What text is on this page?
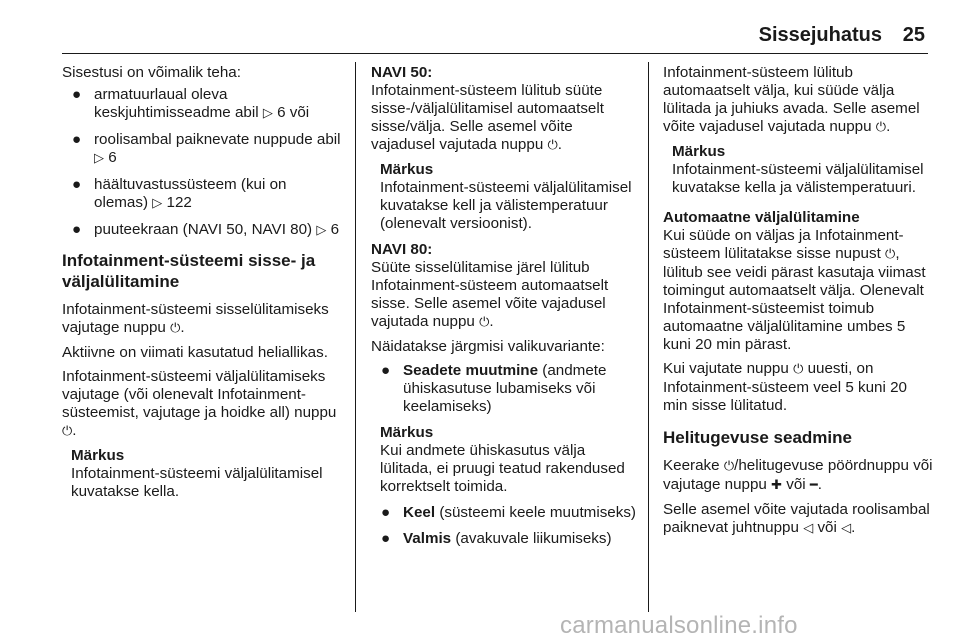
Sissejuhatus 25

Sisestusi on võimalik teha:

● armatuurlaual oleva keskjuhtimisseadme abil ▷ 6 või
● roolisambal paiknevate nuppude abil ▷ 6
● häältuvastussüsteem (kui on olemas) ▷ 122
● puuteekraan (NAVI 50, NAVI 80) ▷ 6
Infotainment-süsteemi sisse- ja väljalülitamine

Infotainment-süsteemi sisselülitamiseks vajutage nuppu ⏻.

Aktiivne on viimati kasutatud heliallikas.

Infotainment-süsteemi väljalülitamiseks vajutage (või olenevalt Infotainment-süsteemist, vajutage ja hoidke all) nuppu ⏻.

Märkus

Infotainment-süsteemi väljalülitamisel kuvatakse kella.

NAVI 50:

Infotainment-süsteem lülitub süüte sisse-/väljalülitamisel automaatselt sisse/välja. Selle asemel võite vajadusel vajutada nuppu ⏻.

Märkus

Infotainment-süsteemi väljalülitamisel kuvatakse kell ja välistemperatuur (olenevalt versioonist).

NAVI 80:

Süüte sisselülitamise järel lülitub Infotainment-süsteem automaatselt sisse. Selle asemel võite vajadusel vajutada nuppu ⏻.

Näidatakse järgmisi valikuvariante:

● Seadete muutmine (andmete ühiskasutuse lubamiseks või keelamiseks)
Märkus

Kui andmete ühiskasutus välja lülitada, ei pruugi teatud rakendused korrektselt toimida.

● Keel (süsteemi keele muutmiseks)
● Valmis (avakuvale liikumiseks)

Infotainment-süsteem lülitub automaatselt välja, kui süüde välja lülitada ja juhiuks avada. Selle asemel võite vajadusel vajutada nuppu ⏻.

Märkus

Infotainment-süsteemi väljalülitamisel kuvatakse kella ja välistemperatuuri.

Automaatne väljalülitamine

Kui süüde on väljas ja Infotainment-süsteem lülitatakse sisse nupust ⏻, lülitub see veidi pärast kasutaja viimast toimingut automaatselt välja. Olenevalt Infotainment-süsteemist toimub automaatne väljalülitamine umbes 5 kuni 20 min pärast.

Kui vajutate nuppu ⏻ uuesti, on Infotainment-süsteem veel 5 kuni 20 min sisse lülitatud.

Helitugevuse seadmine

Keerake ⏻/helitugevuse pöördnuppu või vajutage nuppu ✚ või ━.

Selle asemel võite vajutada roolisambal paiknevat juhtnuppu ◁ või ◁.

carmanualsonline.info
